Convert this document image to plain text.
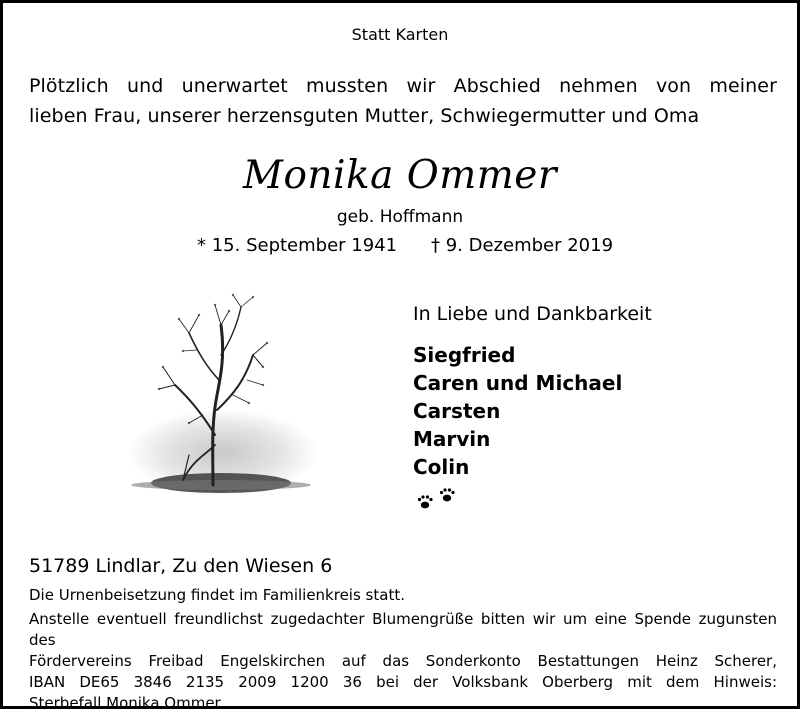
Statt Karten
Plötzlich und unerwartet mussten wir Abschied nehmen von meiner
lieben Frau, unserer herzensguten Mutter, Schwiegermutter und Oma
Monika Ommer
geb. Hoffmann
* 15. September 1941 † 9. Dezember 2019
In Liebe und Dankbarkeit
Siegfried
Caren und Michael
Carsten
Marvin
Colin
51789 Lindlar, Zu den Wiesen 6
Die Urnenbeisetzung findet im Familienkreis statt.
Anstelle eventuell freundlichst zugedachter Blumengrüße bitten wir um eine Spende zugunsten des
Fördervereins Freibad Engelskirchen auf das Sonderkonto Bestattungen Heinz Scherer,
IBAN DE65 3846 2135 2009 1200 36 bei der Volksbank Oberberg mit dem Hinweis:
Sterbefall Monika Ommer.
